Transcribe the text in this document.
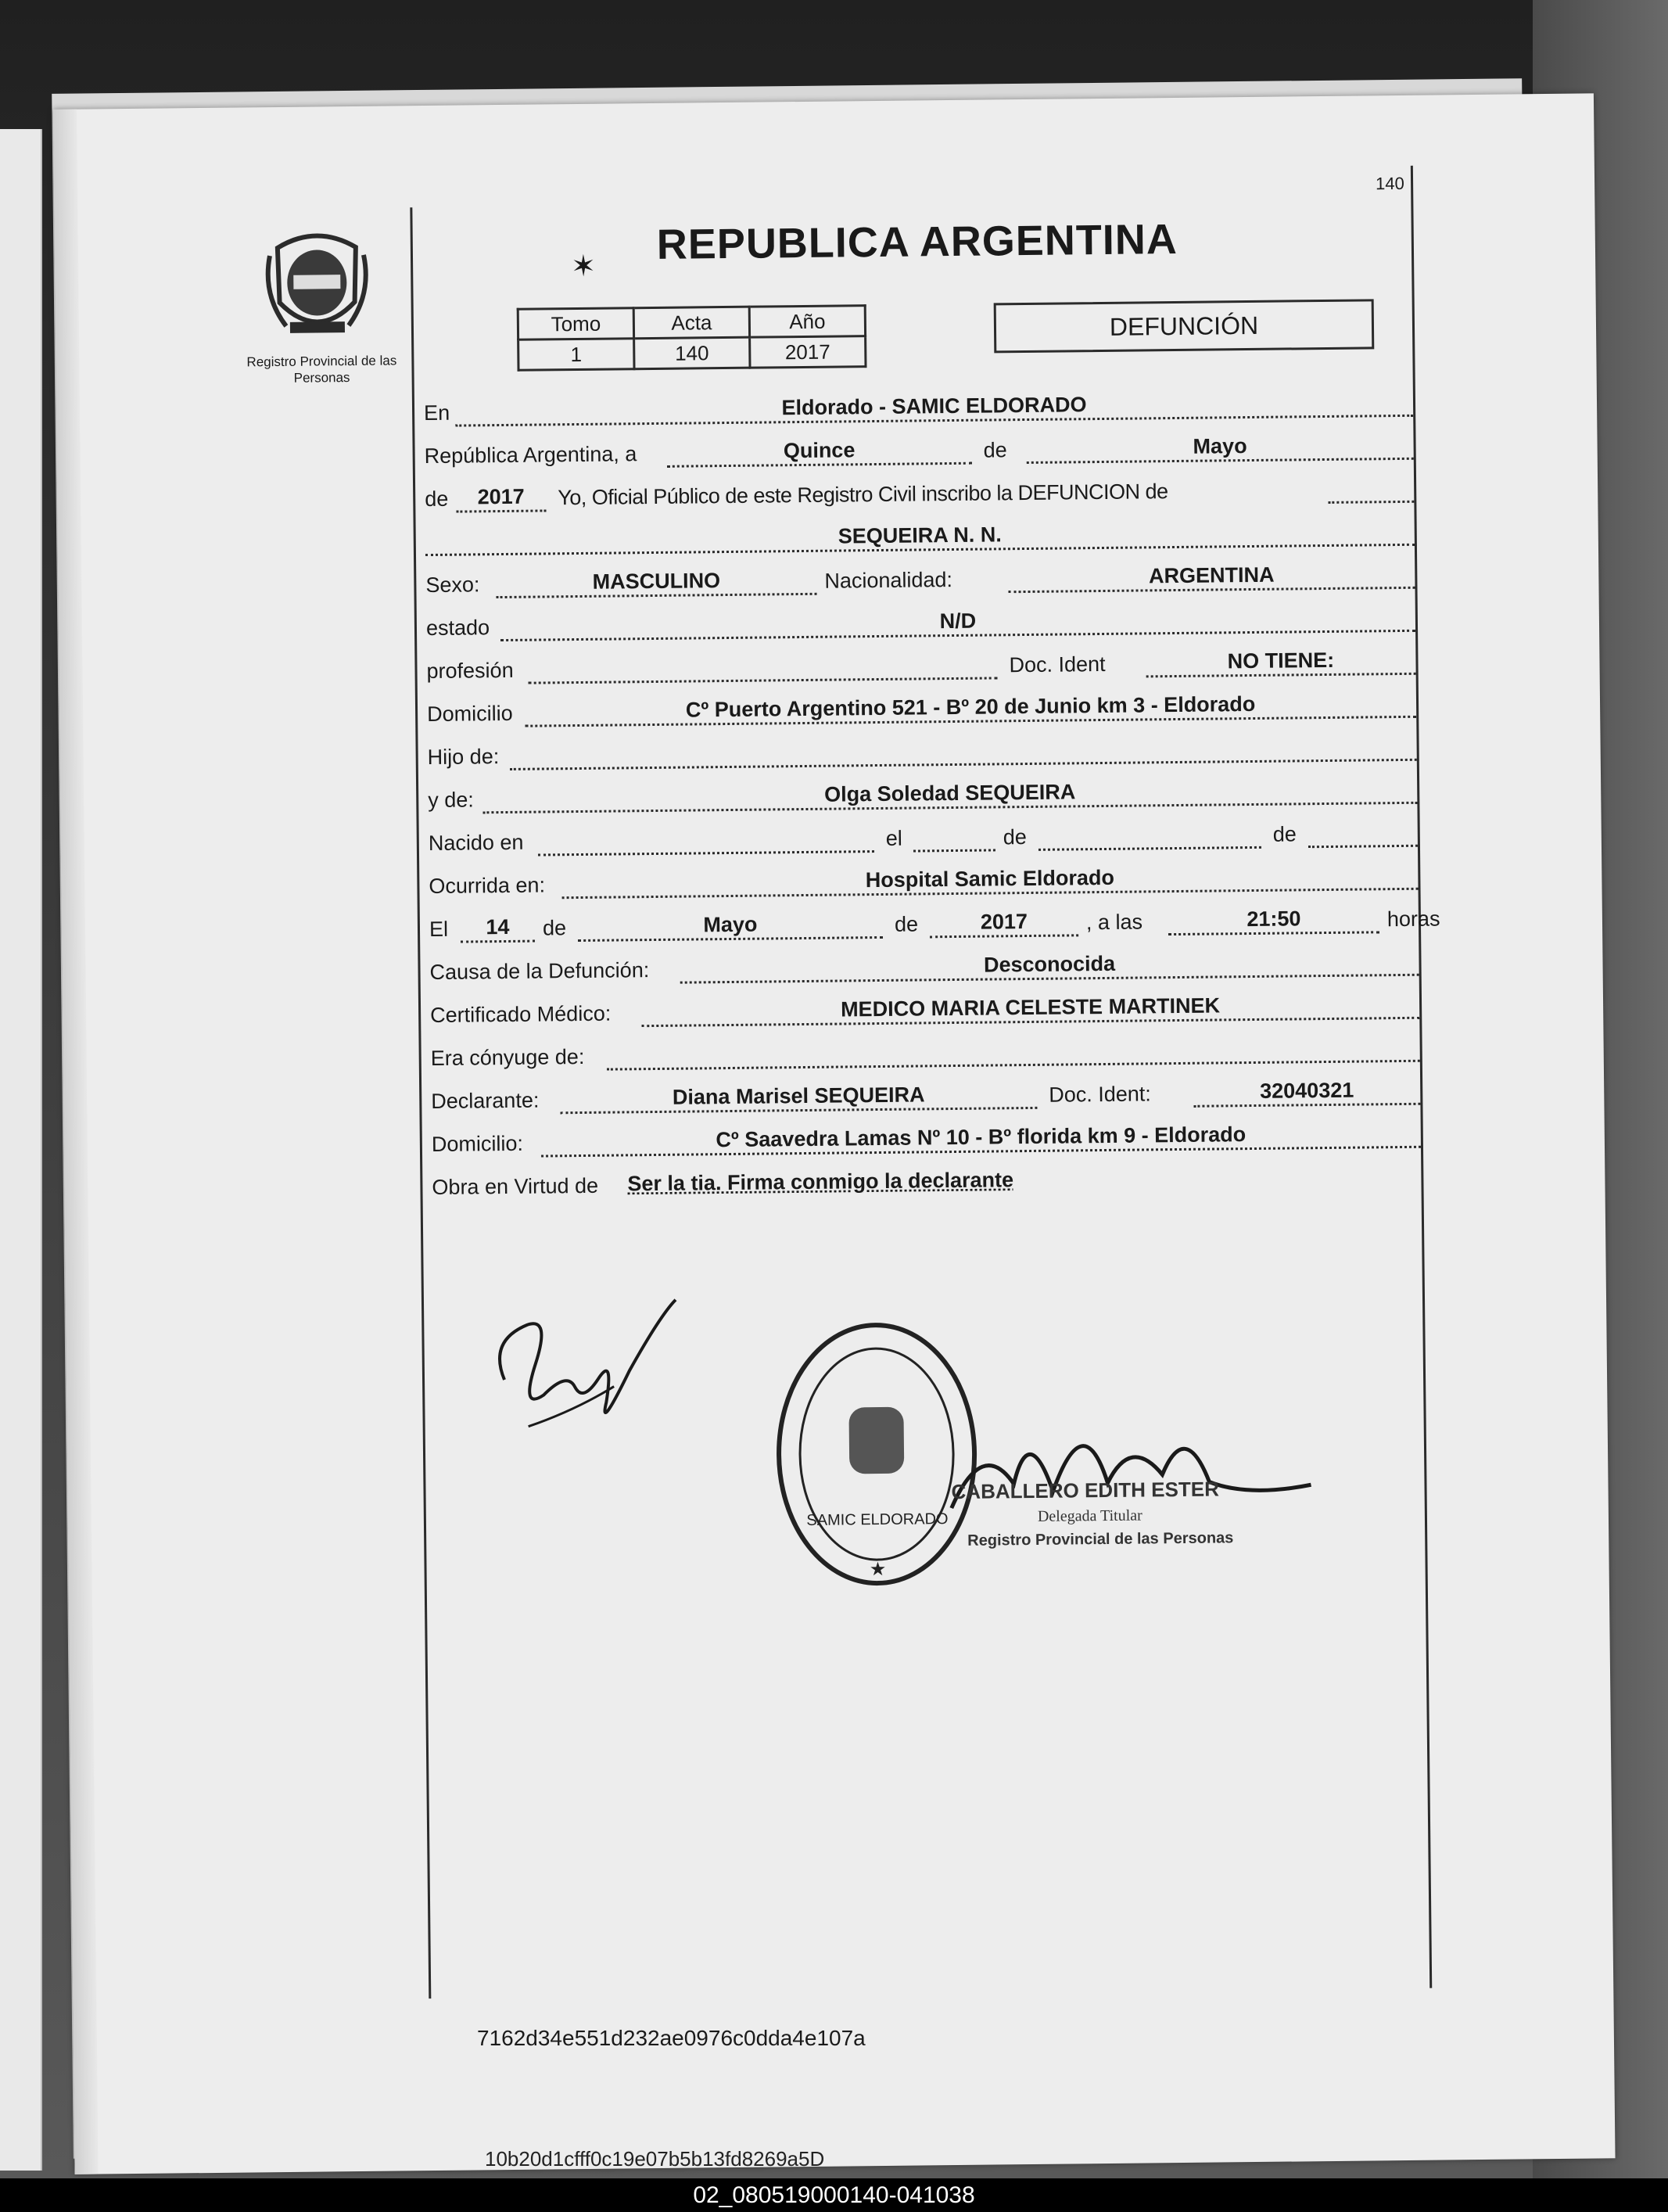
Registro Provincial de las Personas
140
✶ REPUBLICA ARGENTINA
Tomo	Acta	Año
1	140	2017
DEFUNCIÓN
En	Eldorado - SAMIC ELDORADO
República Argentina, a	Quince	de	Mayo
de	2017	Yo, Oficial Público de este Registro Civil inscribo la DEFUNCION de
SEQUEIRA N. N.
Sexo:	MASCULINO	Nacionalidad:	ARGENTINA
estado	N/D
profesión	Doc. Ident	NO TIENE:
Domicilio	Cº Puerto Argentino 521 - Bº 20 de Junio km 3 - Eldorado
Hijo de:
y de:	Olga Soledad SEQUEIRA
Nacido en	el	de	de
Ocurrida en:	Hospital Samic Eldorado
El	14	de	Mayo	de	2017	, a las	21:50	horas
Causa de la Defunción:	Desconocida
Certificado Médico:	MEDICO MARIA CELESTE MARTINEK
Era cónyuge de:
Declarante:	Diana Marisel SEQUEIRA	Doc. Ident:	32040321
Domicilio:	Cº Saavedra Lamas Nº 10 - Bº florida km 9 - Eldorado
Obra en Virtud de Ser la tia. Firma conmigo la declarante
SAMIC ELDORADO
★
CABALLERO EDITH ESTER
Delegada Titular
Registro Provincial de las Personas
7162d34e551d232ae0976c0dda4e107a
10b20d1cfff0c19e07b5b13fd8269a5D
02_080519000140-041038
